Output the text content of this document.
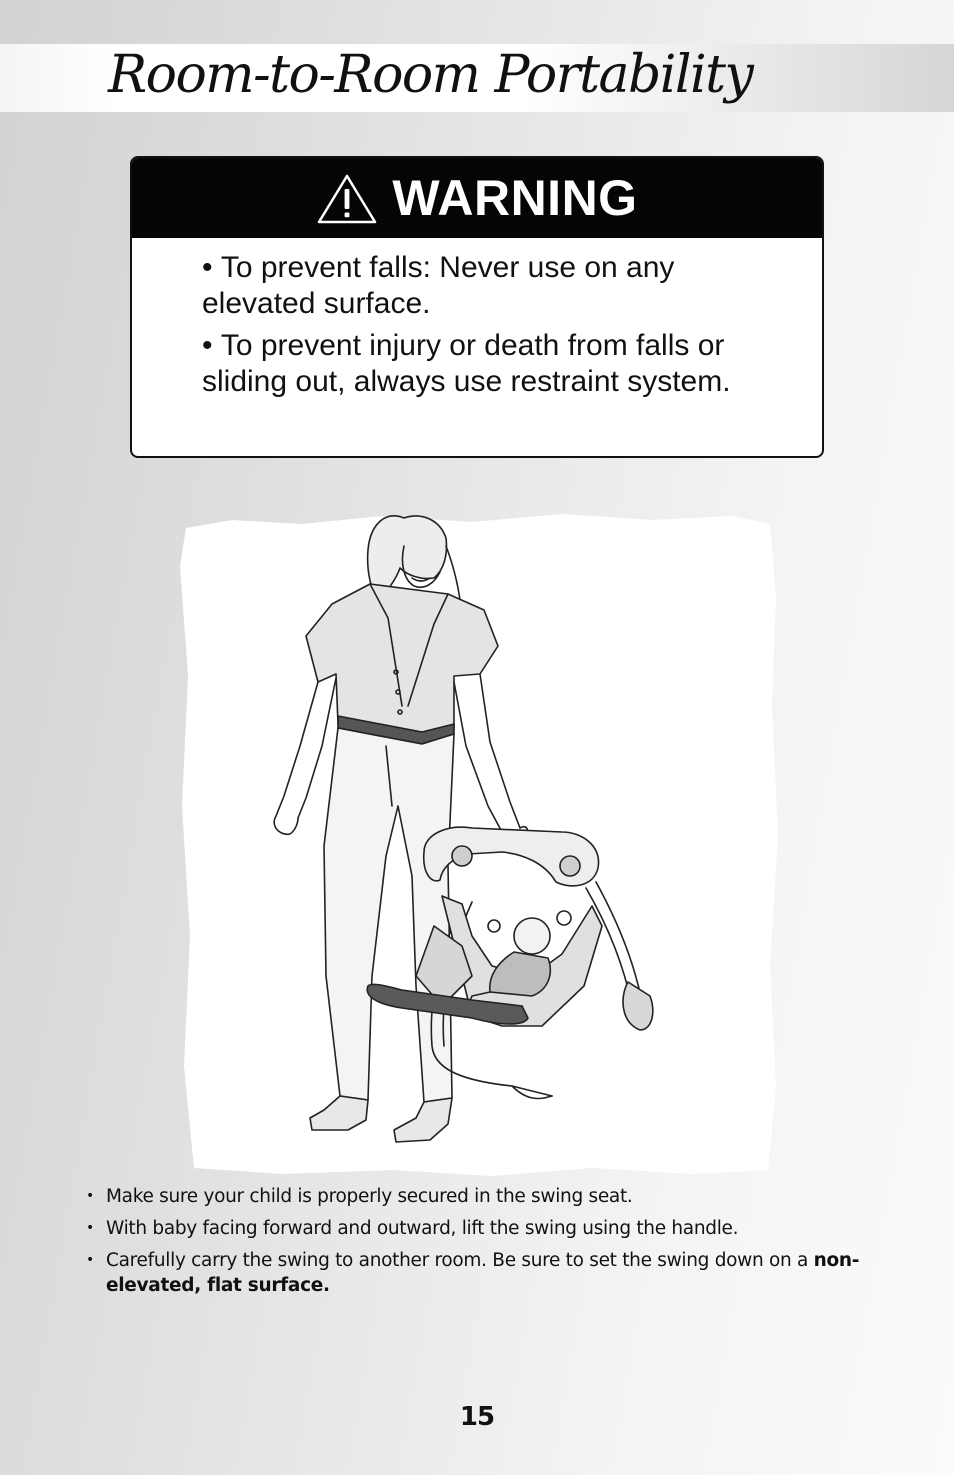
Room-to-Room Portability
WARNING
• To prevent falls: Never use on any elevated surface.
• To prevent injury or death from falls or sliding out, always use restraint system.
• Make sure your child is properly secured in the swing seat.
• With baby facing forward and outward, lift the swing using the handle.
• Carefully carry the swing to another room. Be sure to set the swing down on a non-elevated, flat surface.
15
